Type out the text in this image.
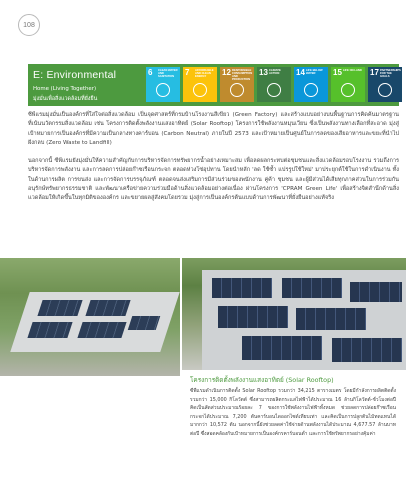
108
E: Environmental
Home (Living Together)
มุ่งมั่นเพื่อสิ่งแวดล้อมที่ยั่งยืน
6 CLEAN WATER AND SANITATION	7 AFFORDABLE AND CLEAN ENERGY	12 RESPONSIBLE CONSUMPTION AND PRODUCTION
13 CLIMATE ACTION	14 LIFE BELOW WATER	15 LIFE ON LAND 17 PARTNERSHIPS FOR THE GOALS

ซีพีแรมมุ่งมั่นเป็นองค์กรที่ใส่ใจต่อสิ่งแวดล้อม เป็นจุดศาสตร์ที่กรมบ้านโรงงานสีเขียว (Green Factory) และสร้างแบบอย่างบนพื้นฐานการคิดค้นมาตรฐาน ที่เน้นนวัตกรรมสิ่งแวดล้อม เช่น โครงการติดตั้งพลังงานแสงอาทิตย์ (Solar Rooftop) โครงการใช้พลังงานหมุนเวียน ซึ่งเป็นพลังงานทางเลือกที่สะอาด มุ่งสู่เป้าหมายการเป็นองค์กรที่มีความเป็นกลางทางคาร์บอน (Carbon Neutral) ภายในปี 2573 และเป้าหมายเป็นศูนย์ในการลดของเสียอาหารและขยะที่นำไปฝังกลบ (Zero Waste to Landfill)

นอกจากนี้ ซีพีแรมยังมุ่งมั่นให้ความสำคัญกับการบริหารจัดการทรัพยากรน้ำอย่างเหมาะสม เพื่อลดผลกระทบต่อชุมชนและสิ่งแวดล้อมรอบโรงงาน รวมถึงการบริหารจัดการพลังงาน และการลดการปล่อยก๊าซเรือนกระจก ตลอดห่วงโซ่อุปทาน โดยนำหลัก 'ลด ใช้ซ้ำ แปรรูปใช้ใหม่' มาประยุกต์ใช้ในการดำเนินงาน ทั้งในด้านการผลิต การขนส่ง และการจัดการบรรจุภัณฑ์ ตลอดจนส่งเสริมการมีส่วนร่วมของพนักงาน คู่ค้า ชุมชน และผู้มีส่วนได้เสียทุกภาคส่วนในการร่วมกันอนุรักษ์ทรัพยากรธรรมชาติ และพัฒนาเครือข่ายความร่วมมือด้านสิ่งแวดล้อมอย่างต่อเนื่อง ผ่านโครงการ 'CPRAM Green Life' เพื่อสร้างจิตสำนึกด้านสิ่งแวดล้อมให้เกิดขึ้นในทุกมิติขององค์กร และขยายผลสู่สังคมโดยรวม มุ่งสู่การเป็นองค์กรต้นแบบด้านการพัฒนาที่ยั่งยืนอย่างแท้จริง

โครงการติดตั้งพลังงานแสงอาทิตย์ (Solar Rooftop)

ซีพีแรมดำเนินการติดตั้ง Solar Rooftop รวมกว่า 34,215 ตารางเมตร โดยมีกำลังการผลิตติดตั้งรวมกว่า 15,000 กิโลวัตต์ ซึ่งสามารถผลิตกระแสไฟฟ้าได้ประมาณ 16 ล้านกิโลวัตต์-ชั่วโมงต่อปี คิดเป็นสัดส่วนประมาณร้อยละ 7 ของการใช้พลังงานไฟฟ้าทั้งหมด ช่วยลดการปล่อยก๊าซเรือนกระจกได้ประมาณ 7,200 ตันคาร์บอนไดออกไซด์เทียบเท่า และคิดเป็นการปลูกต้นไม้ทดแทนได้มากกว่า 10,572 ต้น นอกจากนี้ยังช่วยลดค่าใช้จ่ายด้านพลังงานได้ประมาณ 4,677.57 ล้านบาทต่อปี ซึ่งสอดคล้องกับเป้าหมายการเป็นองค์กรคาร์บอนต่ำ และการใช้ทรัพยากรอย่างคุ้มค่า
